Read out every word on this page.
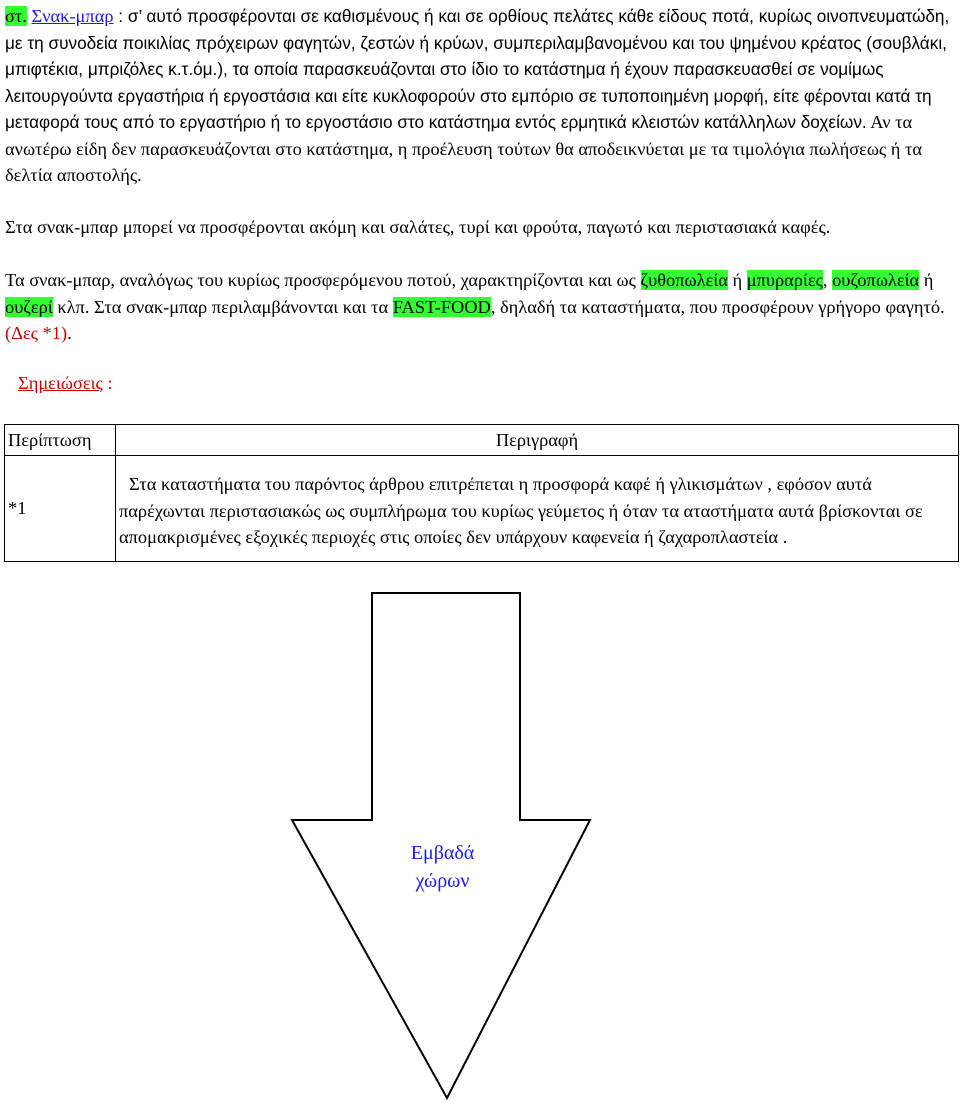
στ. Σνακ-μπαρ : σ’ αυτό προσφέρονται σε καθισμένους ή και σε ορθίους πελάτες κάθε είδους ποτά, κυρίως οινοπνευματώδη, με τη συνοδεία ποικιλίας πρόχειρων φαγητών, ζεστών ή κρύων, συμπεριλαμβανομένου και του ψημένου κρέατος (σουβλάκι, μπιφτέκια, μπριζόλες κ.τ.όμ.), τα οποία παρασκευάζονται στο ίδιο το κατάστημα ή έχουν παρασκευασθεί σε νομίμως λειτουργούντα εργαστήρια ή εργοστάσια και είτε κυκλοφορούν στο εμπόριο σε τυποποιημένη μορφή, είτε φέρονται κατά τη μεταφορά τους από το εργαστήριο ή το εργοστάσιο στο κατάστημα εντός ερμητικά κλειστών κατάλληλων δοχείων. Αν τα ανωτέρω είδη δεν παρασκευάζονται στο κατάστημα, η προέλευση τούτων θα αποδεικνύεται με τα τιμολόγια πωλήσεως ή τα δελτία αποστολής.

Στα σνακ-μπαρ μπορεί να προσφέρονται ακόμη και σαλάτες, τυρί και φρούτα, παγωτό και περιστασιακά καφές.

Τα σνακ-μπαρ, αναλόγως του κυρίως προσφερόμενου ποτού, χαρακτηρίζονται και ως ζυθοπωλεία ή μπυραρίες, ουζοπωλεία ή ουζερί κλπ. Στα σνακ-μπαρ περιλαμβάνονται και τα FAST-FOOD, δηλαδή τα καταστήματα, που προσφέρουν γρήγορο φαγητό. (Δες *1).

Σημειώσεις :
Περίπτωση	Περιγραφή
*1	Στα καταστήματα του παρόντος άρθρου επιτρέπεται η προσφορά καφέ ή γλικισμάτων , εφόσον αυτά παρέχωνται περιστασιακώς ως συμπλήρωμα του κυρίως γεύμετος ή όταν τα αταστήματα αυτά βρίσκονται σε απομακρισμένες εξοχικές περιοχές στις οποίες δεν υπάρχουν καφενεία ή ζαχαροπλαστεία .
Εμβαδά
χώρων
